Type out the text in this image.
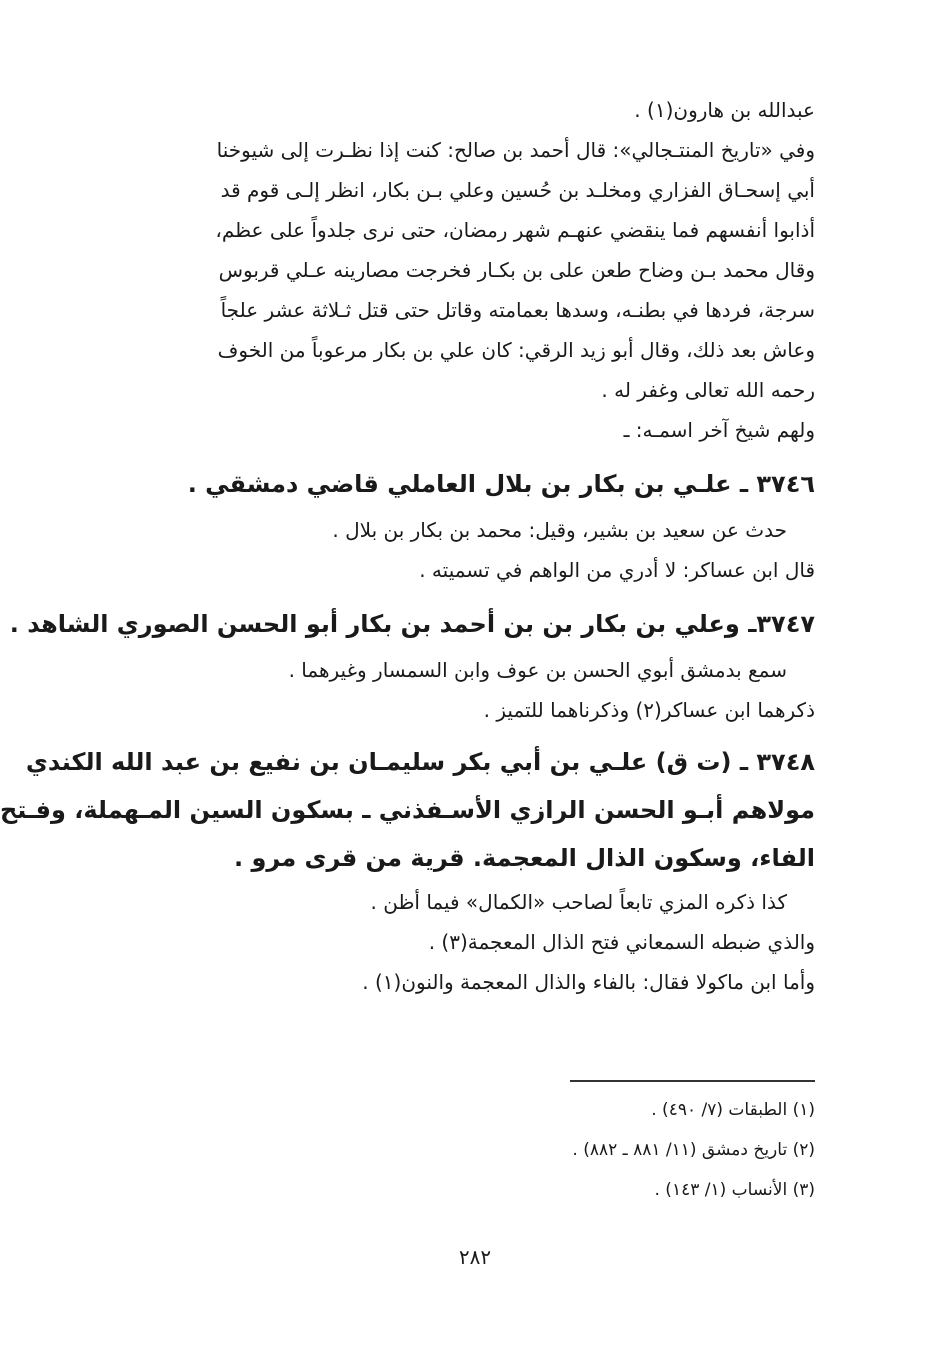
عبدالله بن هارون(١) .
وفي «تاريخ المنتـجالي»: قال أحمد بن صالح: كنت إذا نظـرت إلى شيوخنا
أبي إسحـاق الفزاري ومخلـد بن حُسين وعلي بـن بكار، انظر إلـى قوم قد
أذابوا أنفسهم فما ينقضي عنهـم شهر رمضان، حتى نرى جلدواً على عظم،
وقال محمد بـن وضاح طعن على بن بكـار فخرجت مصارينه عـلي قربوس
سرجة، فردها في بطنـه، وسدها بعمامته وقاتل حتى قتل ثـلاثة عشر علجاً
وعاش بعد ذلك، وقال أبو زيد الرقي: كان علي بن بكار مرعوباً من الخوف
رحمه الله تعالى وغفر له .
ولهم شيخ آخر اسمـه: ـ
٣٧٤٦ ـ علـي بن بكار بن بلال العاملي قاضي دمشقي .
حدث عن سعيد بن بشير، وقيل: محمد بن بكار بن بلال .
قال ابن عساكر: لا أدري من الواهم في تسميته .
٣٧٤٧ـ وعلي بن بكار بن بن أحمد بن بكار أبو الحسن الصوري الشاهد .
سمع بدمشق أبوي الحسن بن عوف وابن السمسار وغيرهما .
ذكرهما ابن عساكر(٢) وذكرناهما للتميز .
٣٧٤٨ ـ (ت ق) علـي بن أبي بكر سليمـان بن نفيع بن عبد الله الكندي
مولاهم أبـو الحسن الرازي الأسـفذني ـ بسكون السين المـهملة، وفـتح
الفاء، وسكون الذال المعجمة. قرية من قرى مرو .
كذا ذكره المزي تابعاً لصاحب «الكمال» فيما أظن .
والذي ضبطه السمعاني فتح الذال المعجمة(٣) .
وأما ابن ماكولا فقال: بالفاء والذال المعجمة والنون(١) .
(١) الطبقات (٧/ ٤٩٠) .
(٢) تاريخ دمشق (١١/ ٨٨١ ـ ٨٨٢) .
(٣) الأنساب (١/ ١٤٣) .
٢٨٢
